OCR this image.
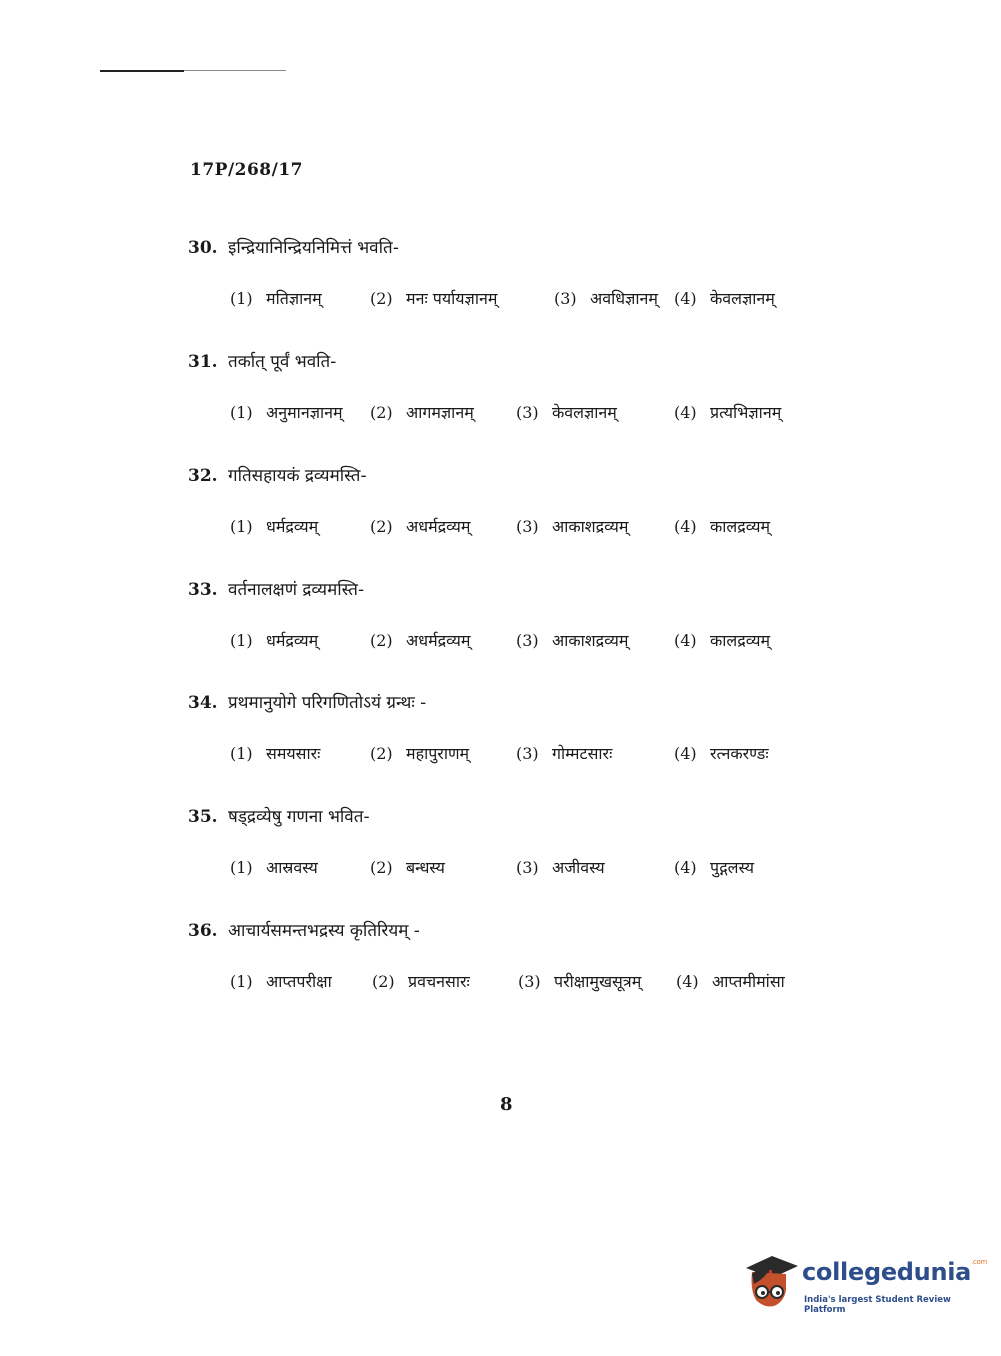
17P/268/17
30. इन्द्रियानिन्द्रियनिमित्तं भवति-
(1) मतिज्ञानम्	(2) मनः पर्यायज्ञानम्	(3) अवधिज्ञानम् (4) केवलज्ञानम्
31. तर्कात् पूर्वं भवति-
(1) अनुमानज्ञानम् (2) आगमज्ञानम्	(3) केवलज्ञानम्	(4) प्रत्यभिज्ञानम्
32. गतिसहायकं द्रव्यमस्ति-
(1) धर्मद्रव्यम्	(2) अधर्मद्रव्यम्	(3) आकाशद्रव्यम्	(4) कालद्रव्यम्
33. वर्तनालक्षणं द्रव्यमस्ति-
(1) धर्मद्रव्यम्	(2) अधर्मद्रव्यम्	(3) आकाशद्रव्यम्	(4) कालद्रव्यम्
34. प्रथमानुयोगे परिगणितोऽयं ग्रन्थः -
(1) समयसारः	(2) महापुराणम्	(3) गोम्मटसारः	(4) रत्नकरण्डः
35. षड्द्रव्येषु गणना भवित-
(1) आस्रवस्य	(2) बन्धस्य	(3) अजीवस्य	(4) पुद्गलस्य
36. आचार्यसमन्तभद्रस्य कृतिरियम् -
(1) आप्तपरीक्षा	(2) प्रवचनसारः	(3) परीक्षामुखसूत्रम् (4) आप्तमीमांसा
8
collegedunia$^{.com}$
India's largest Student Review Platform
